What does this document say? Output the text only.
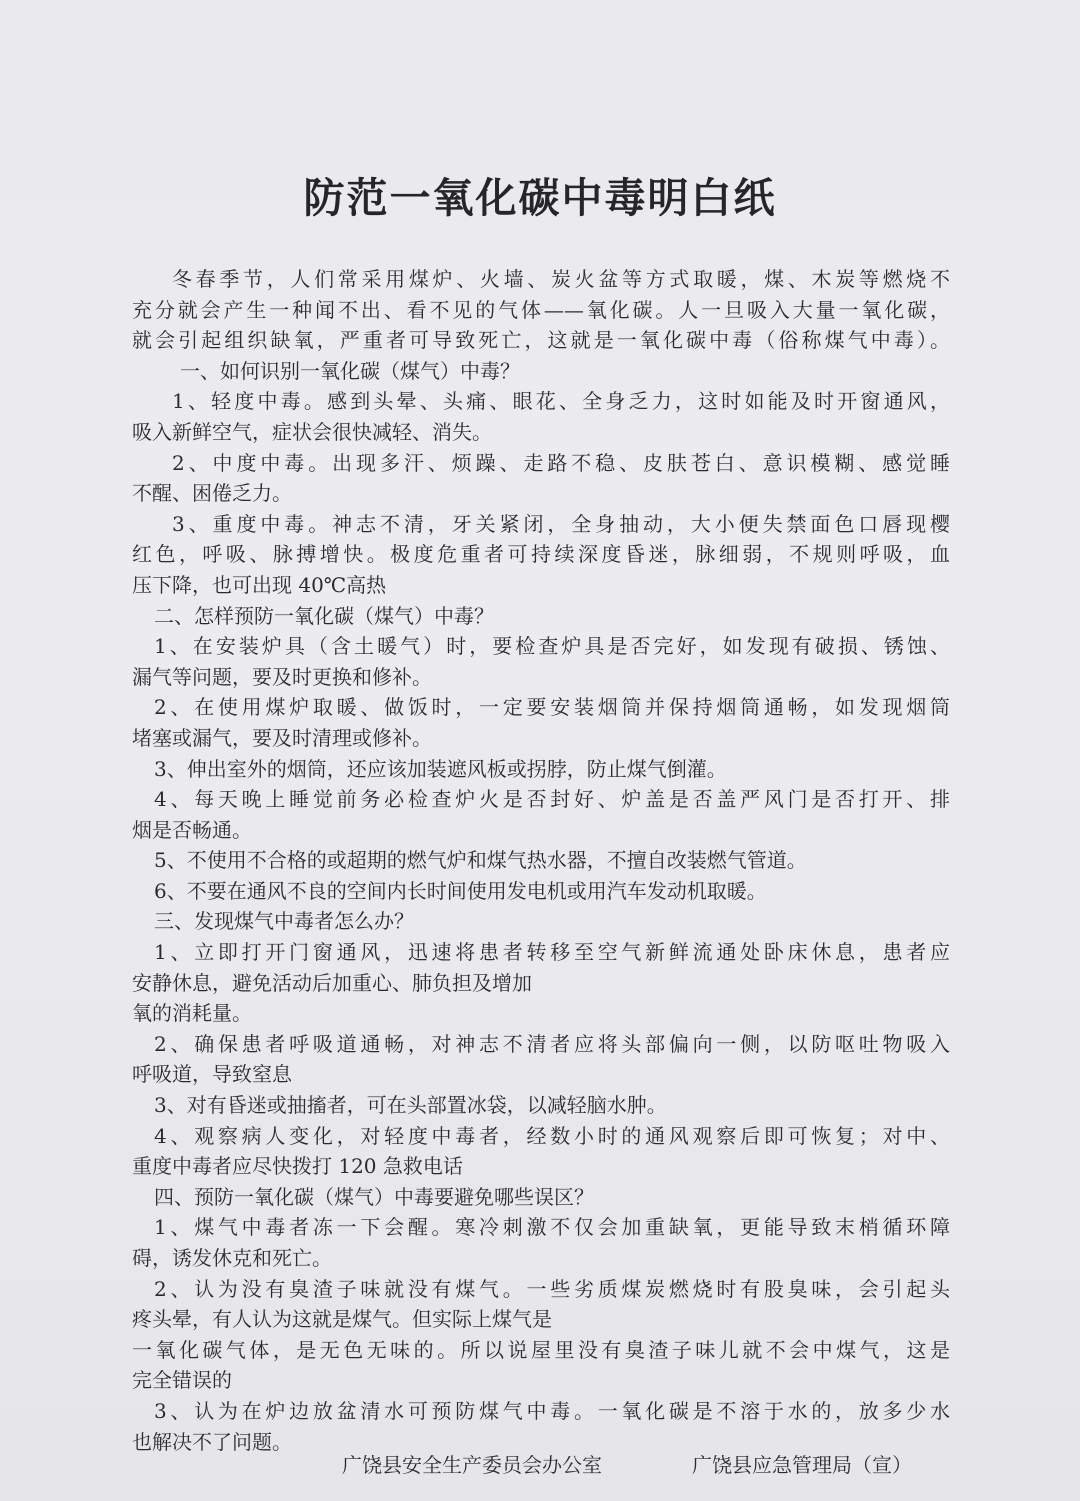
防范一氧化碳中毒明白纸
冬春季节，人们常采用煤炉、火墙、炭火盆等方式取暖，煤、木炭等燃烧不
充分就会产生一种闻不出、看不见的气体——氧化碳。人一旦吸入大量一氧化碳，
就会引起组织缺氧，严重者可导致死亡，这就是一氧化碳中毒（俗称煤气中毒）。
一、如何识别一氧化碳（煤气）中毒？
1、轻度中毒。感到头晕、头痛、眼花、全身乏力，这时如能及时开窗通风，
吸入新鲜空气，症状会很快减轻、消失。
2、中度中毒。出现多汗、烦躁、走路不稳、皮肤苍白、意识模糊、感觉睡
不醒、困倦乏力。
3、重度中毒。神志不清，牙关紧闭，全身抽动，大小便失禁面色口唇现樱
红色，呼吸、脉搏增快。极度危重者可持续深度昏迷，脉细弱，不规则呼吸，血
压下降，也可出现 40℃高热
二、怎样预防一氧化碳（煤气）中毒？
1、在安装炉具（含土暖气）时，要检查炉具是否完好，如发现有破损、锈蚀、
漏气等问题，要及时更换和修补。
2、在使用煤炉取暖、做饭时，一定要安装烟筒并保持烟筒通畅，如发现烟筒
堵塞或漏气，要及时清理或修补。
3、伸出室外的烟筒，还应该加装遮风板或拐脖，防止煤气倒灌。
4、每天晚上睡觉前务必检查炉火是否封好、炉盖是否盖严风门是否打开、排
烟是否畅通。
5、不使用不合格的或超期的燃气炉和煤气热水器，不擅自改装燃气管道。
6、不要在通风不良的空间内长时间使用发电机或用汽车发动机取暖。
三、发现煤气中毒者怎么办？
1、立即打开门窗通风，迅速将患者转移至空气新鲜流通处卧床休息，患者应
安静休息，避免活动后加重心、肺负担及增加
氧的消耗量。
2、确保患者呼吸道通畅，对神志不清者应将头部偏向一侧，以防呕吐物吸入
呼吸道，导致窒息
3、对有昏迷或抽搐者，可在头部置冰袋，以减轻脑水肿。
4、观察病人变化，对轻度中毒者，经数小时的通风观察后即可恢复；对中、
重度中毒者应尽快拨打 120 急救电话
四、预防一氧化碳（煤气）中毒要避免哪些误区？
1、煤气中毒者冻一下会醒。寒冷刺激不仅会加重缺氧，更能导致末梢循环障
碍，诱发休克和死亡。
2、认为没有臭渣子味就没有煤气。一些劣质煤炭燃烧时有股臭味，会引起头
疼头晕，有人认为这就是煤气。但实际上煤气是
一氧化碳气体，是无色无味的。所以说屋里没有臭渣子味儿就不会中煤气，这是
完全错误的
3、认为在炉边放盆清水可预防煤气中毒。一氧化碳是不溶于水的，放多少水
也解决不了问题。
广饶县安全生产委员会办公室	广饶县应急管理局（宣）
